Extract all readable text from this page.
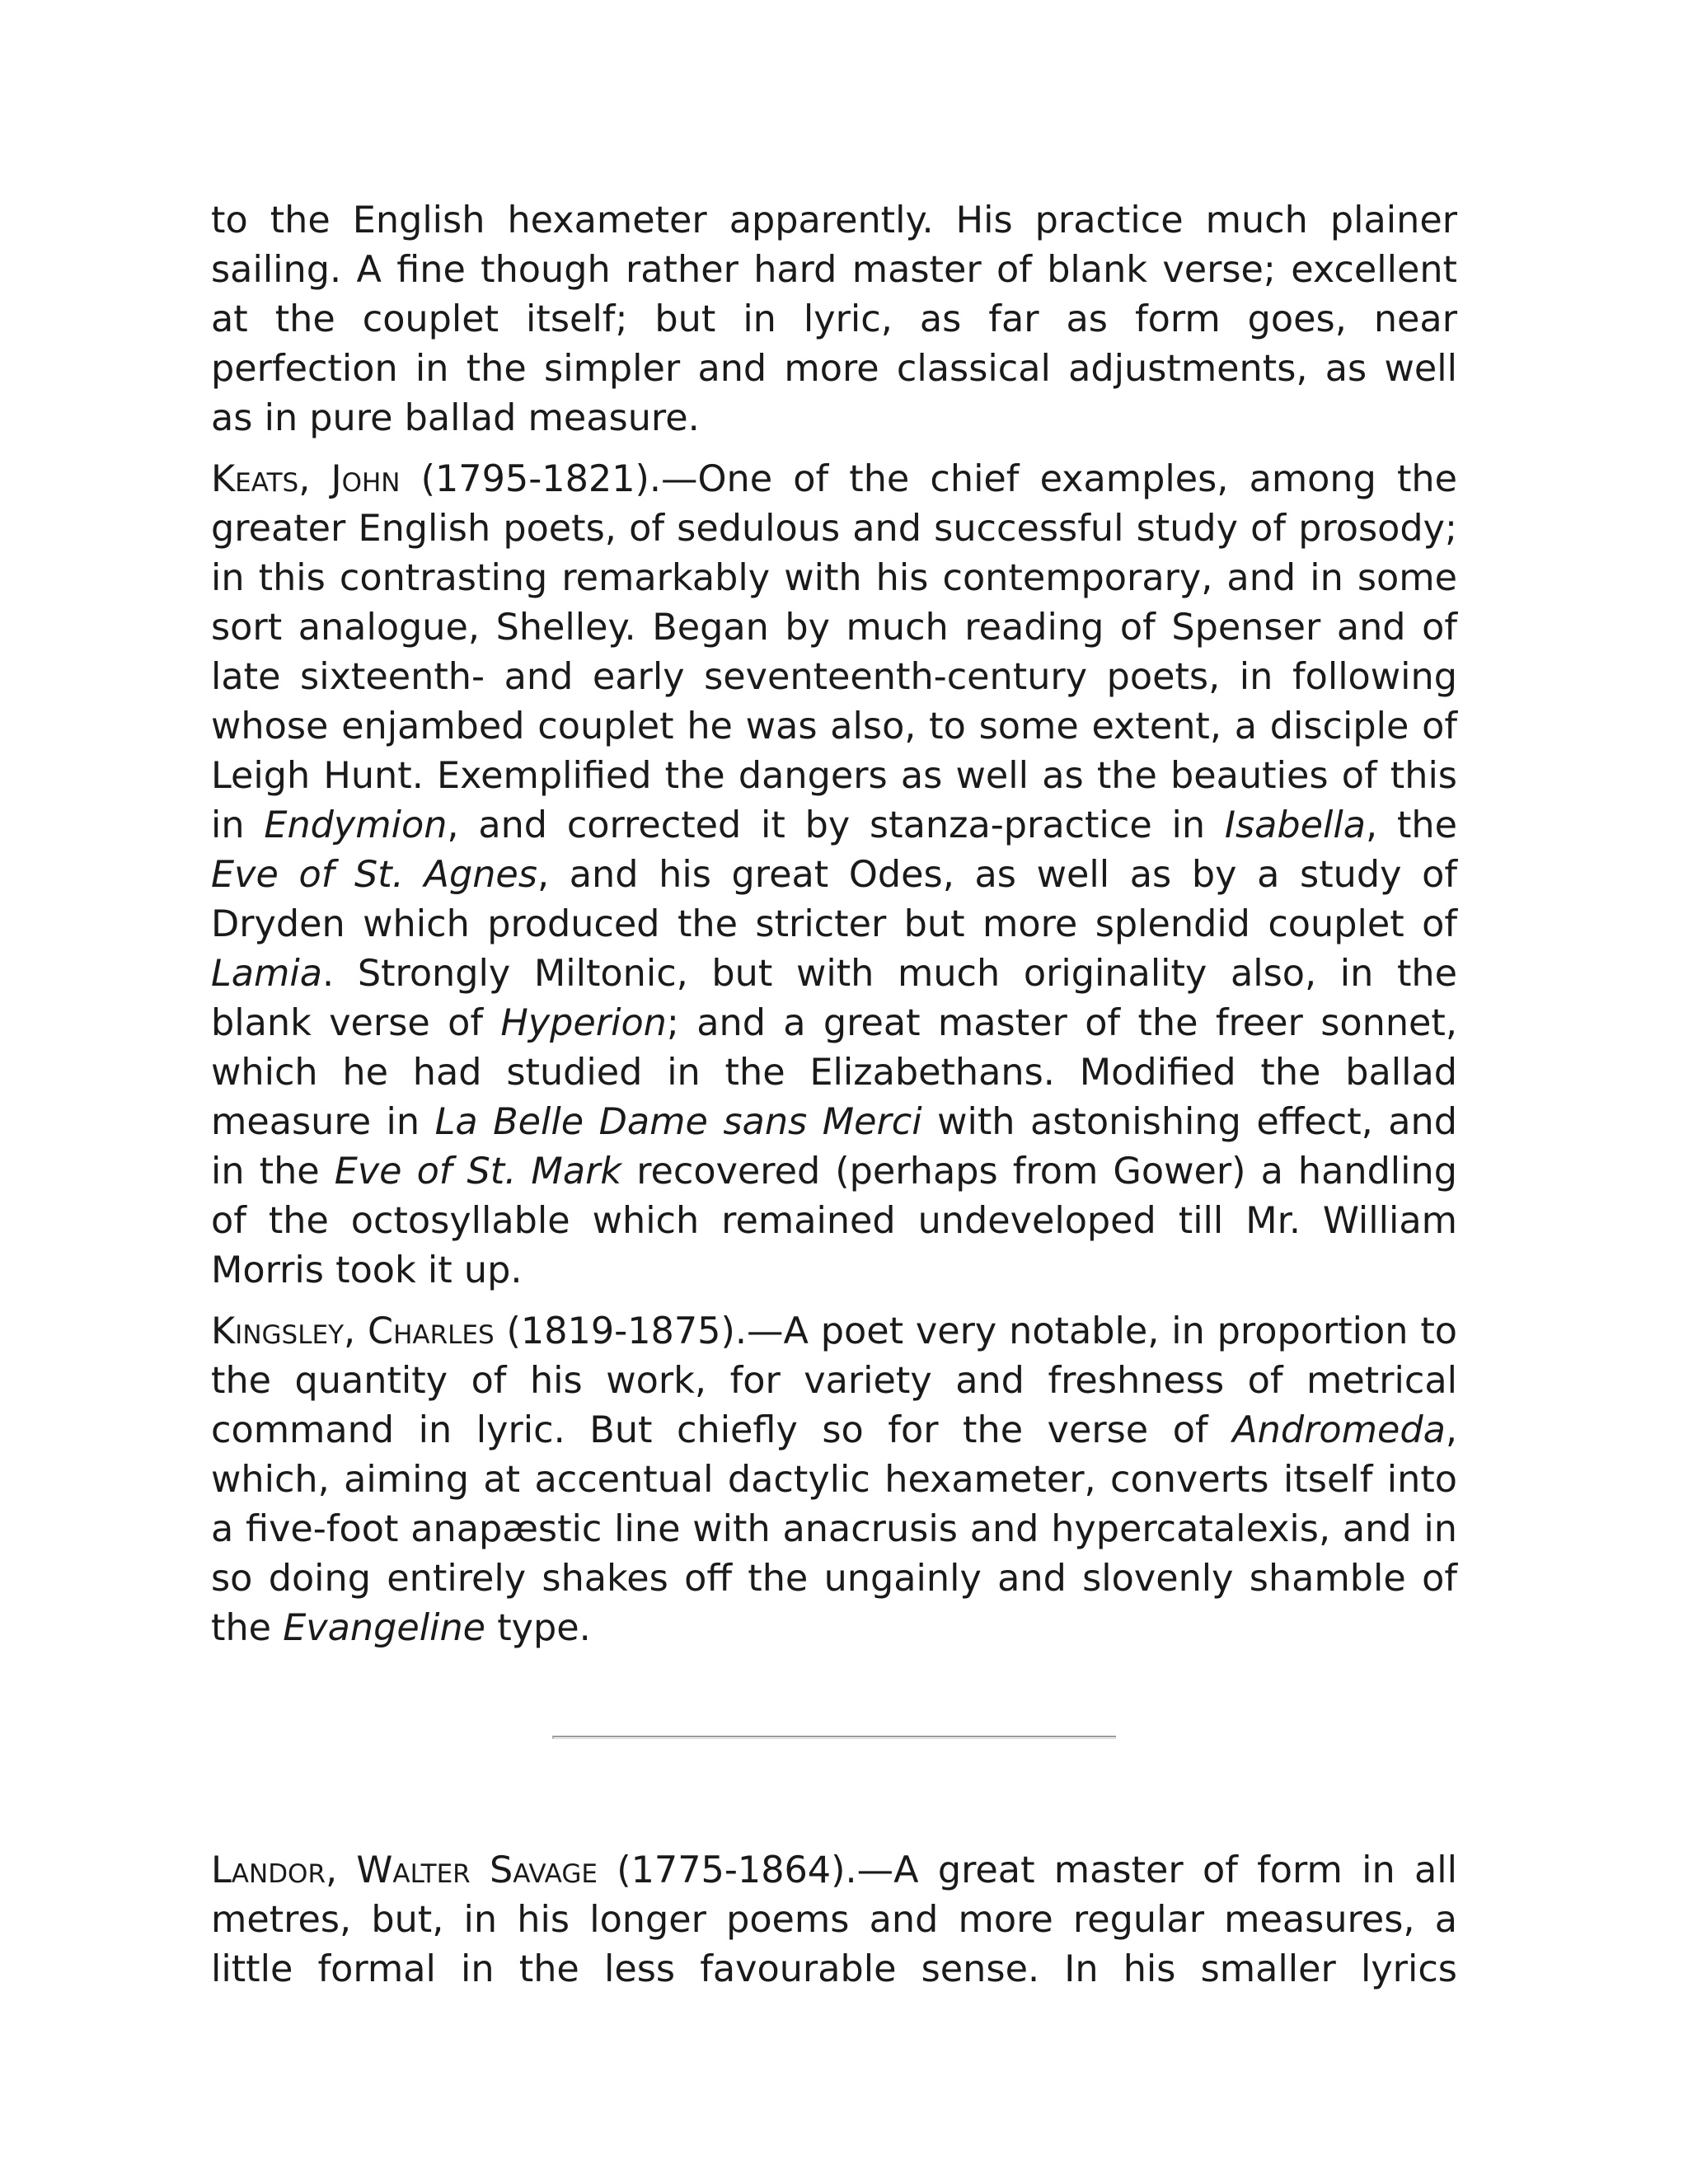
to the English hexameter apparently. His practice much plainer sailing. A fine though rather hard master of blank verse; excellent at the couplet itself; but in lyric, as far as form goes, near perfection in the simpler and more classical adjustments, as well as in pure ballad measure.

Keats, John (1795-1821).—One of the chief examples, among the greater English poets, of sedulous and successful study of prosody; in this contrasting remarkably with his contemporary, and in some sort analogue, Shelley. Began by much reading of Spenser and of late sixteenth- and early seventeenth-century poets, in following whose enjambed couplet he was also, to some extent, a disciple of Leigh Hunt. Exemplified the dangers as well as the beauties of this in Endymion, and corrected it by stanza-practice in Isabella, the Eve of St. Agnes, and his great Odes, as well as by a study of Dryden which produced the stricter but more splendid couplet of Lamia. Strongly Miltonic, but with much originality also, in the blank verse of Hyperion; and a great master of the freer sonnet, which he had studied in the Elizabethans. Modified the ballad measure in La Belle Dame sans Merci with astonishing effect, and in the Eve of St. Mark recovered (perhaps from Gower) a handling of the octosyllable which remained undeveloped till Mr. William Morris took it up.

Kingsley, Charles (1819-1875).—A poet very notable, in proportion to the quantity of his work, for variety and freshness of metrical command in lyric. But chiefly so for the verse of Andromeda, which, aiming at accentual dactylic hexameter, converts itself into a five-foot anapæstic line with anacrusis and hypercatalexis, and in so doing entirely shakes off the ungainly and slovenly shamble of the Evangeline type.

Landor, Walter Savage (1775-1864).—A great master of form in all metres, but, in his longer poems and more regular measures, a little formal in the less favourable sense. In his smaller lyrics
